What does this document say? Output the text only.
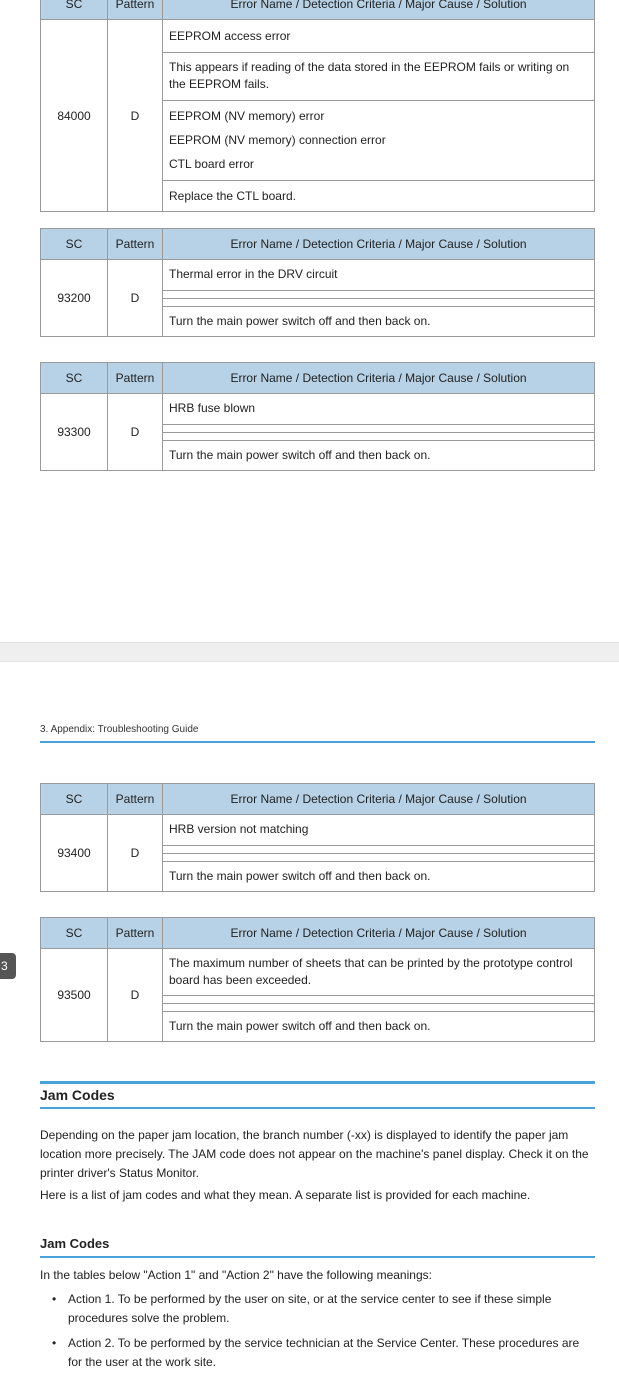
SC	Pattern	Error Name / Detection Criteria / Major Cause / Solution
84000	D	EEPROM access error
		This appears if reading of the data stored in the EEPROM fails or writing on the EEPROM fails.

		EEPROM (NV memory) error
EEPROM (NV memory) connection error
CTL board error

		Replace the CTL board.
SC	Pattern	Error Name / Detection Criteria / Major Cause / Solution
93200	D	Thermal error in the DRV circuit

		Turn the main power switch off and then back on.
SC	Pattern	Error Name / Detection Criteria / Major Cause / Solution
93300	D	HRB fuse blown

		Turn the main power switch off and then back on.
3. Appendix: Troubleshooting Guide
3
SC	Pattern	Error Name / Detection Criteria / Major Cause / Solution
93400	D	HRB version not matching

		Turn the main power switch off and then back on.
SC	Pattern	Error Name / Detection Criteria / Major Cause / Solution
93500	D	The maximum number of sheets that can be printed by the prototype control board has been exceeded.

		Turn the main power switch off and then back on.
Jam Codes

Depending on the paper jam location, the branch number (-xx) is displayed to identify the paper jam location more precisely. The JAM code does not appear on the machine's panel display. Check it on the printer driver's Status Monitor.

Here is a list of jam codes and what they mean. A separate list is provided for each machine.

Jam Codes

In the tables below "Action 1" and "Action 2" have the following meanings:

• Action 1. To be performed by the user on site, or at the service center to see if these simple procedures solve the problem.
• Action 2. To be performed by the service technician at the Service Center. These procedures are for the user at the work site.
